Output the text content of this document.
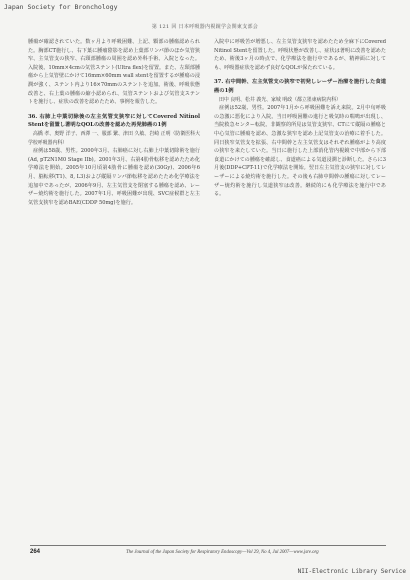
Japan Society for Bronchology
第 121 回 日本呼吸器内視鏡学会関東支部会

腫瘍が確認されていた。数ヶ月より呼吸困難、上記、顆部の腫瘍認められた。胸部CT施行し、右下葉に腫瘤陰影を認め上葉部リンパ節のほか気管狭窄、主気管支の狭窄、右頸部腫瘍の周囲を認め外科手術、入院となった。入院後、10mm×4cmの気管ステント(Ultra flex)を留置。また、左頸部腫瘍から上気管壁にかけて16mm×60mm wall stentを留置するが腫瘍の浸潤が強く、ステント内より16×70mmのステントを追加。術後、呼吸状態改善と、右上葉の腫瘍の縮小認められ、気管ステントおよび気管支ステントを施行し、症状の改善を認めたため、事例を報告した。

36. 右肺上中葉切除後の左主気管支狭窄に対してCovered Nitinol Stentを留置し著明なQOLの改善を認めた再発肺癌の1例

高橋 孝、奥野 洋子、西澤 一、服部 繁、津田 久敏、岩崎 正明（防衛医科大学校呼吸器内科）

症例は58歳、男性。2000年3月、右肺癌に対し右肺上中葉切除術を施行(Ad, pT2N1M0 Stage IIb)。2001年3月、右第4肋骨転移を認めたため化学療法を開始。2005年10月頃第4肋骨に腫瘍を認め(30Gy)、2006年6月、脳転移(T1)、8, L3)および縦隔リンパ節転移を認めたため化学療法を追加中であったが、2006年9月、左主気管支を閉塞する腫瘍を認め、レーザー焼灼術を施行した。2007年1月、呼吸困難が出現、SVC症候群と左主気管支狭窄を認めBAE(CDDP 50mg)を施行。

入院中に呼吸苦が増悪し、左主気管支狭窄を認めたため全麻下にCovered Nitinol Stentを留置した。呼吸状態が改善し、症状は著明に改善を認めたため、術後3ヶ月の時点で、化学療法を施行中であるが、精神面に対しても、呼吸器症状を認めず良好なQOLが保たれている。

37. 右中間幹、左主気管支の狭窄で初発しレーザー治療を施行した食道癌の1例

田中 良明、松井 義光、家城 明政（都立墨東病院内科）

症例は52歳、男性。2007年1月から呼吸困難を訴え来院。2月中旬呼吸の急激に悪化により入院。当日呼吸困難の進行と吸気時の喘鳴が出現し、当院救急センター転院。非観察的所見は気管支狭窄、CTにて縦隔の腫瘍と中心気管に腫瘍を認め、急激な狭窄を認め上記気管支の治療に着手した。同日狭窄気管支を拡張、右中間幹と左主気管支はそれぞれ腫瘍がより高度の狭窄を来たしていた。当日に施行した上部消化管内視鏡で中部から下部食道にかけての腫瘍を確認し、食道癌による気道浸潤と診断した。さらに3月後(DDP+CPT-11)で化学療法を開始。翌日左主気管支の狭窄に対してレーザーによる焼灼術を施行した。その後も右肺中間幹の腫瘍に対してレーザー焼灼術を施行し気道狭窄は改善。継続的にも化学療法を施行中である。

264	The Journal of the Japan Society for Respiratory Endoscopy—Vol 29, No 4, Jul 2007—www.jsre.org
NII-Electronic Library Service
